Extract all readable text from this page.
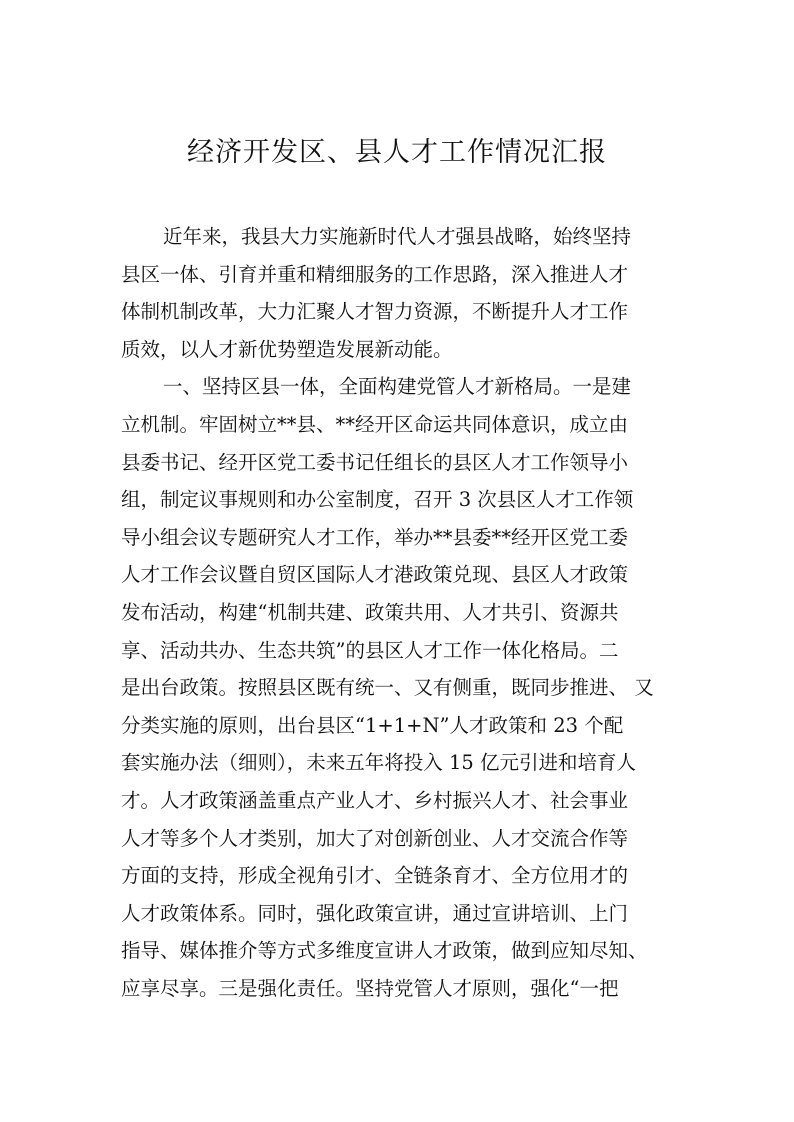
经济开发区、县人才工作情况汇报
近年来，我县大力实施新时代人才强县战略，始终坚持
县区一体、引育并重和精细服务的工作思路，深入推进人才
体制机制改革，大力汇聚人才智力资源，不断提升人才工作
质效，以人才新优势塑造发展新动能。
一、坚持区县一体，全面构建党管人才新格局。一是建
立机制。牢固树立**县、**经开区命运共同体意识，成立由
县委书记、经开区党工委书记任组长的县区人才工作领导小
组，制定议事规则和办公室制度，召开 3 次县区人才工作领
导小组会议专题研究人才工作，举办**县委**经开区党工委
人才工作会议暨自贸区国际人才港政策兑现、县区人才政策
发布活动，构建“机制共建、政策共用、人才共引、资源共
享、活动共办、生态共筑”的县区人才工作一体化格局。二
是出台政策。按照县区既有统一、又有侧重，既同步推进、 又
分类实施的原则，出台县区“1+1+N”人才政策和 23 个配
套实施办法（细则），未来五年将投入 15 亿元引进和培育人
才。人才政策涵盖重点产业人才、乡村振兴人才、社会事业
人才等多个人才类别，加大了对创新创业、人才交流合作等
方面的支持，形成全视角引才、全链条育才、全方位用才的
人才政策体系。同时，强化政策宣讲，通过宣讲培训、上门
指导、媒体推介等方式多维度宣讲人才政策，做到应知尽知、
应享尽享。三是强化责任。坚持党管人才原则，强化“一把
